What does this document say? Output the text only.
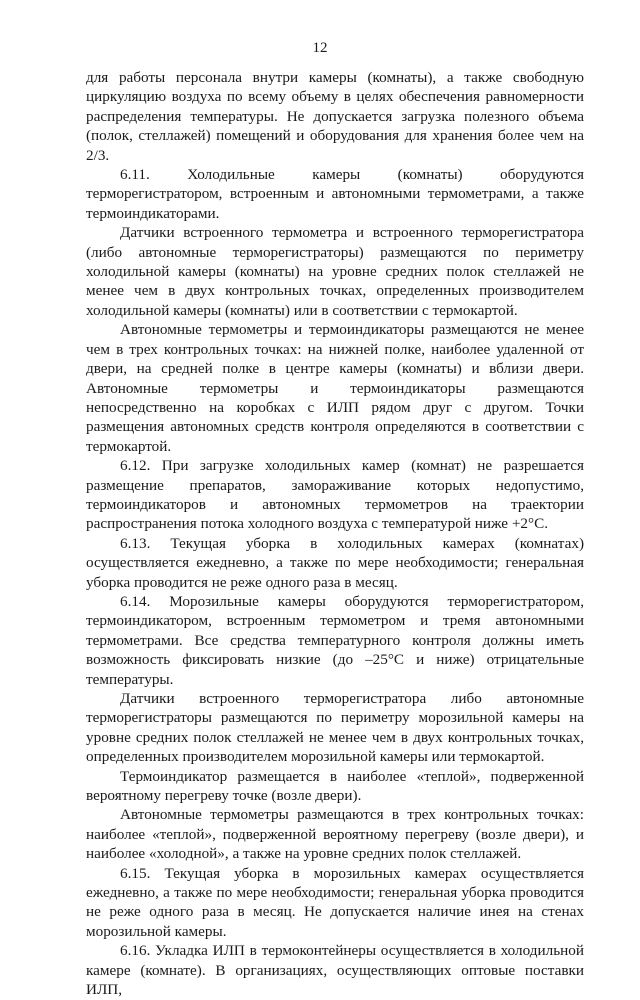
12

для работы персонала внутри камеры (комнаты), а также свободную циркуляцию воздуха по всему объему в целях обеспечения равномерности распределения температуры. Не допускается загрузка полезного объема (полок, стеллажей) помещений и оборудования для хранения более чем на 2/3.

6.11. Холодильные камеры (комнаты) оборудуются терморегистратором, встроенным и автономными термометрами, а также термоиндикаторами.

Датчики встроенного термометра и встроенного терморегистратора (либо автономные терморегистраторы) размещаются по периметру холодильной камеры (комнаты) на уровне средних полок стеллажей не менее чем в двух контрольных точках, определенных производителем холодильной камеры (комнаты) или в соответствии с термокартой.

Автономные термометры и термоиндикаторы размещаются не менее чем в трех контрольных точках: на нижней полке, наиболее удаленной от двери, на средней полке в центре камеры (комнаты) и вблизи двери. Автономные термометры и термоиндикаторы размещаются непосредственно на коробках с ИЛП рядом друг с другом. Точки размещения автономных средств контроля определяются в соответствии с термокартой.

6.12. При загрузке холодильных камер (комнат) не разрешается размещение препаратов, замораживание которых недопустимо, термоиндикаторов и автономных термометров на траектории распространения потока холодного воздуха с температурой ниже +2°С.

6.13. Текущая уборка в холодильных камерах (комнатах) осуществляется ежедневно, а также по мере необходимости; генеральная уборка проводится не реже одного раза в месяц.

6.14. Морозильные камеры оборудуются терморегистратором, термоиндикатором, встроенным термометром и тремя автономными термометрами. Все средства температурного контроля должны иметь возможность фиксировать низкие (до –25°С и ниже) отрицательные температуры.

Датчики встроенного терморегистратора либо автономные терморегистраторы размещаются по периметру морозильной камеры на уровне средних полок стеллажей не менее чем в двух контрольных точках, определенных производителем морозильной камеры или термокартой.

Термоиндикатор размещается в наиболее «теплой», подверженной вероятному перегреву точке (возле двери).

Автономные термометры размещаются в трех контрольных точках: наиболее «теплой», подверженной вероятному перегреву (возле двери), и наиболее «холодной», а также на уровне средних полок стеллажей.

6.15. Текущая уборка в морозильных камерах осуществляется ежедневно, а также по мере необходимости; генеральная уборка проводится не реже одного раза в месяц. Не допускается наличие инея на стенах морозильной камеры.

6.16. Укладка ИЛП в термоконтейнеры осуществляется в холодильной камере (комнате). В организациях, осуществляющих оптовые поставки ИЛП,
